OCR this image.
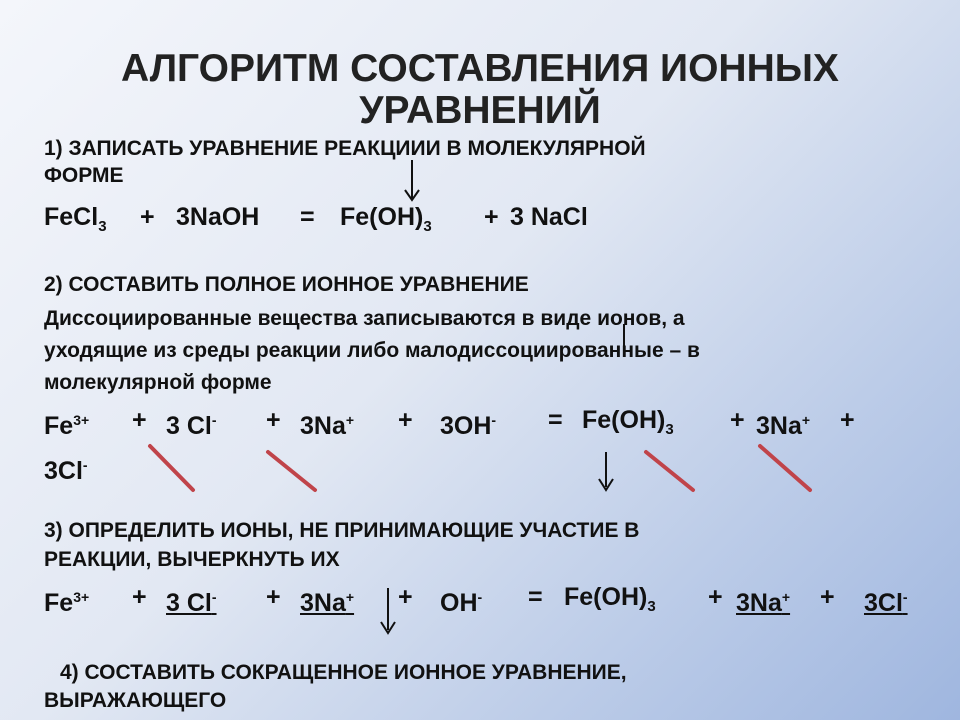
АЛГОРИТМ СОСТАВЛЕНИЯ ИОННЫХ
УРАВНЕНИЙ
1) ЗАПИСАТЬ УРАВНЕНИЕ РЕАКЦИИИ В МОЛЕКУЛЯРНОЙ
ФОРМЕ
FeCl$_3$ + 3NaOH = $Fe(OH)_3 + 3$ NaCl
2) СОСТАВИТЬ ПОЛНОЕ ИОННОЕ УРАВНЕНИЕ
Диссоциированные вещества записываются в виде ионов, а
уходящие из среды реакции либо малодиссоциированные – в
молекулярной форме
$Fe^{3+} + 3$ $Cl^- + 3Na^+ + 3OH^- = Fe(OH)_3 + 3Na^+$ +
3Cl-
3) ОПРЕДЕЛИТЬ ИОНЫ, НЕ ПРИНИМАЮЩИЕ УЧАСТИЕ В
РЕАКЦИИ, ВЫЧЕРКНУТЬ ИХ
$Fe^{3+} + 3$ $Cl^- + 3Na^+ + OH^- = Fe(OH)_3 + 3Na^+ + 3Cl^-$
4) СОСТАВИТЬ СОКРАЩЕННОЕ ИОННОЕ УРАВНЕНИЕ,
ВЫРАЖАЮЩЕГО
